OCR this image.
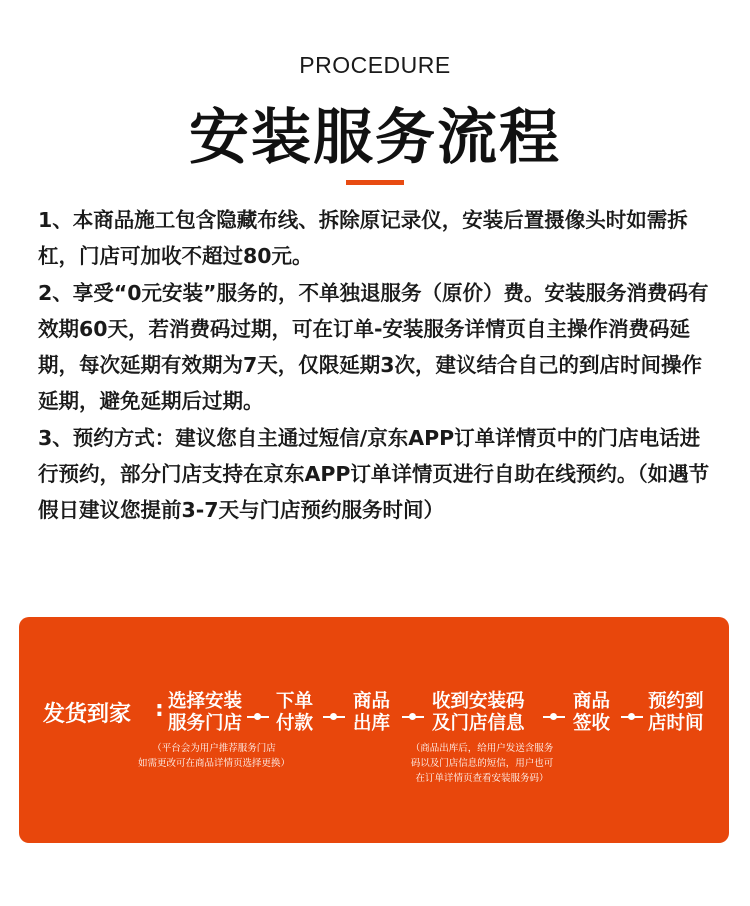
PROCEDURE
安装服务流程

1、本商品施工包含隐藏布线、拆除原记录仪，安装后置摄像头时如需拆杠，门店可加收不超过80元。

2、享受“0元安装”服务的，不单独退服务（原价）费。安装服务消费码有效期60天，若消费码过期，可在订单-安装服务详情页自主操作消费码延期，每次延期有效期为7天，仅限延期3次，建议结合自己的到店时间操作延期，避免延期后过期。

3、预约方式：建议您自主通过短信/京东APP订单详情页中的门店电话进行预约，部分门店支持在京东APP订单详情页进行自助在线预约。（如遇节假日建议您提前3-7天与门店预约服务时间）

发货到家 : 选择安装
服务门店
下单
付款
商品
出库
收到安装码
及门店信息
商品
签收
预约到
店时间
（平台会为用户推荐服务门店
如需更改可在商品详情页选择更换）
（商品出库后，给用户发送含服务
码以及门店信息的短信，用户也可
在订单详情页查看安装服务码）
